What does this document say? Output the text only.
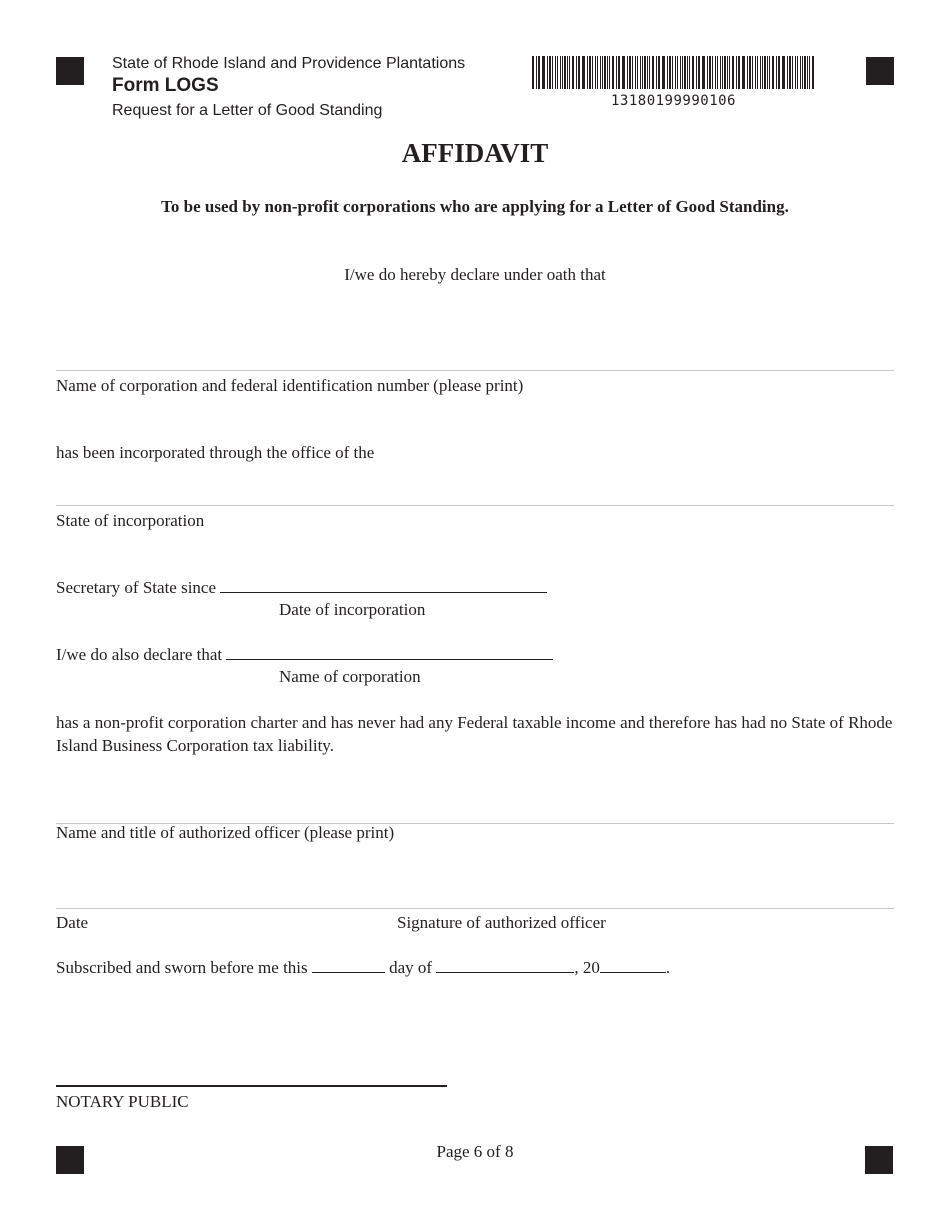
State of Rhode Island and Providence Plantations
Form LOGS
Request for a Letter of Good Standing
13180199990106
AFFIDAVIT
To be used by non-profit corporations who are applying for a Letter of Good Standing.
I/we do hereby declare under oath that
Name of corporation and federal identification number (please print)
has been incorporated through the office of the
State of incorporation
Secretary of State since
Date of incorporation
I/we do also declare that
Name of corporation
has a non-profit corporation charter and has never had any Federal taxable income and therefore has had no State of Rhode Island Business Corporation tax liability.
Name and title of authorized officer (please print)
Date	Signature of authorized officer
Subscribed and sworn before me this	day of	, 20	.
NOTARY PUBLIC
Page 6 of 8
